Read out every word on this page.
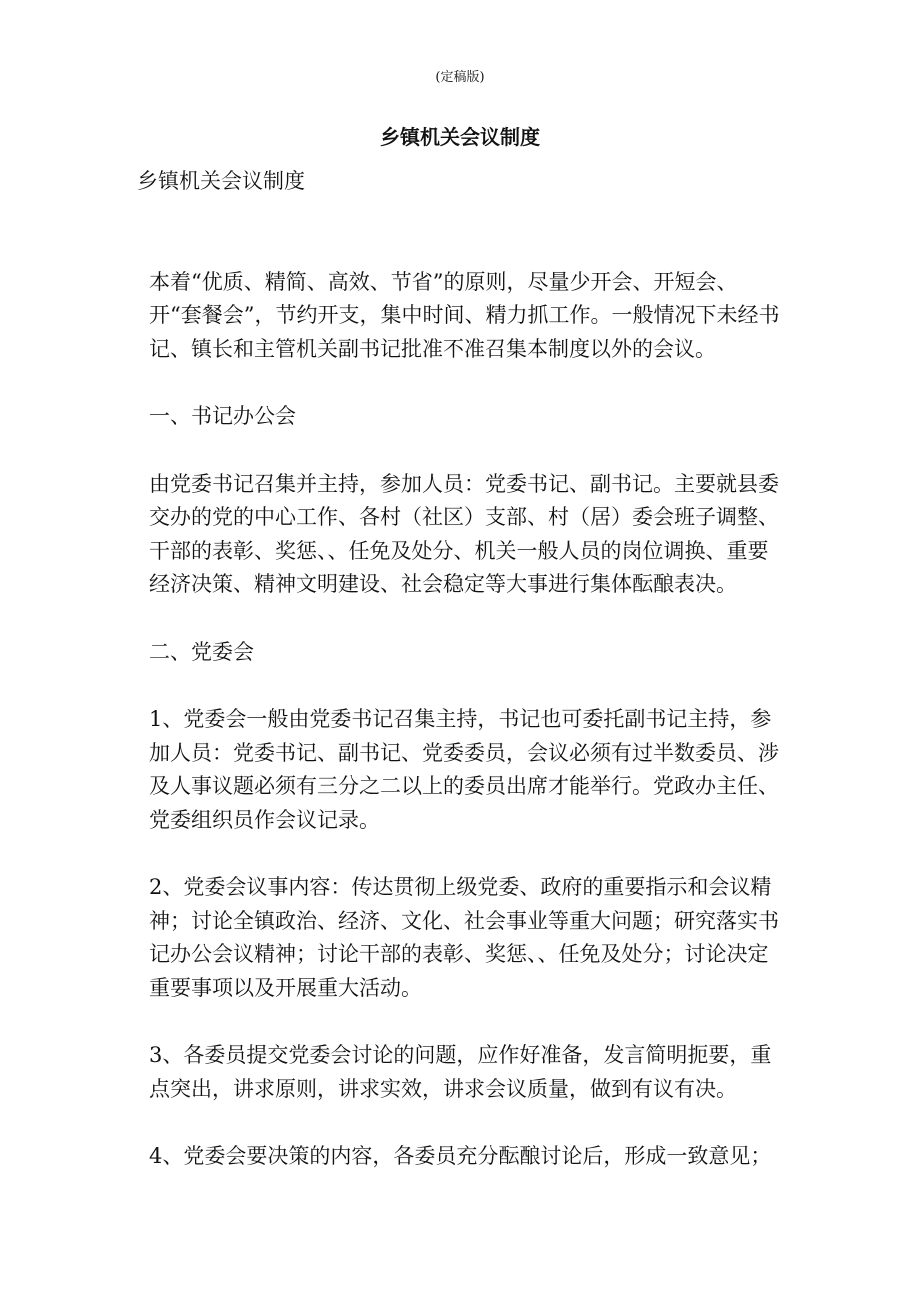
(定稿版)
乡镇机关会议制度

乡镇机关会议制度

本着“优质、精简、高效、节省”的原则，尽量少开会、开短会、开“套餐会”，节约开支，集中时间、精力抓工作。一般情况下未经书记、镇长和主管机关副书记批准不准召集本制度以外的会议。

一、书记办公会

由党委书记召集并主持，参加人员：党委书记、副书记。主要就县委交办的党的中心工作、各村（社区）支部、村（居）委会班子调整、干部的表彰、奖惩、、任免及处分、机关一般人员的岗位调换、重要经济决策、精神文明建设、社会稳定等大事进行集体酝酿表决。

二、党委会

1、党委会一般由党委书记召集主持，书记也可委托副书记主持，参加人员：党委书记、副书记、党委委员，会议必须有过半数委员、涉及人事议题必须有三分之二以上的委员出席才能举行。党政办主任、党委组织员作会议记录。

2、党委会议事内容：传达贯彻上级党委、政府的重要指示和会议精神；讨论全镇政治、经济、文化、社会事业等重大问题；研究落实书记办公会议精神；讨论干部的表彰、奖惩、、任免及处分；讨论决定重要事项以及开展重大活动。

3、各委员提交党委会讨论的问题，应作好准备，发言简明扼要，重点突出，讲求原则，讲求实效，讲求会议质量，做到有议有决。

4、党委会要决策的内容，各委员充分酝酿讨论后，形成一致意见；
